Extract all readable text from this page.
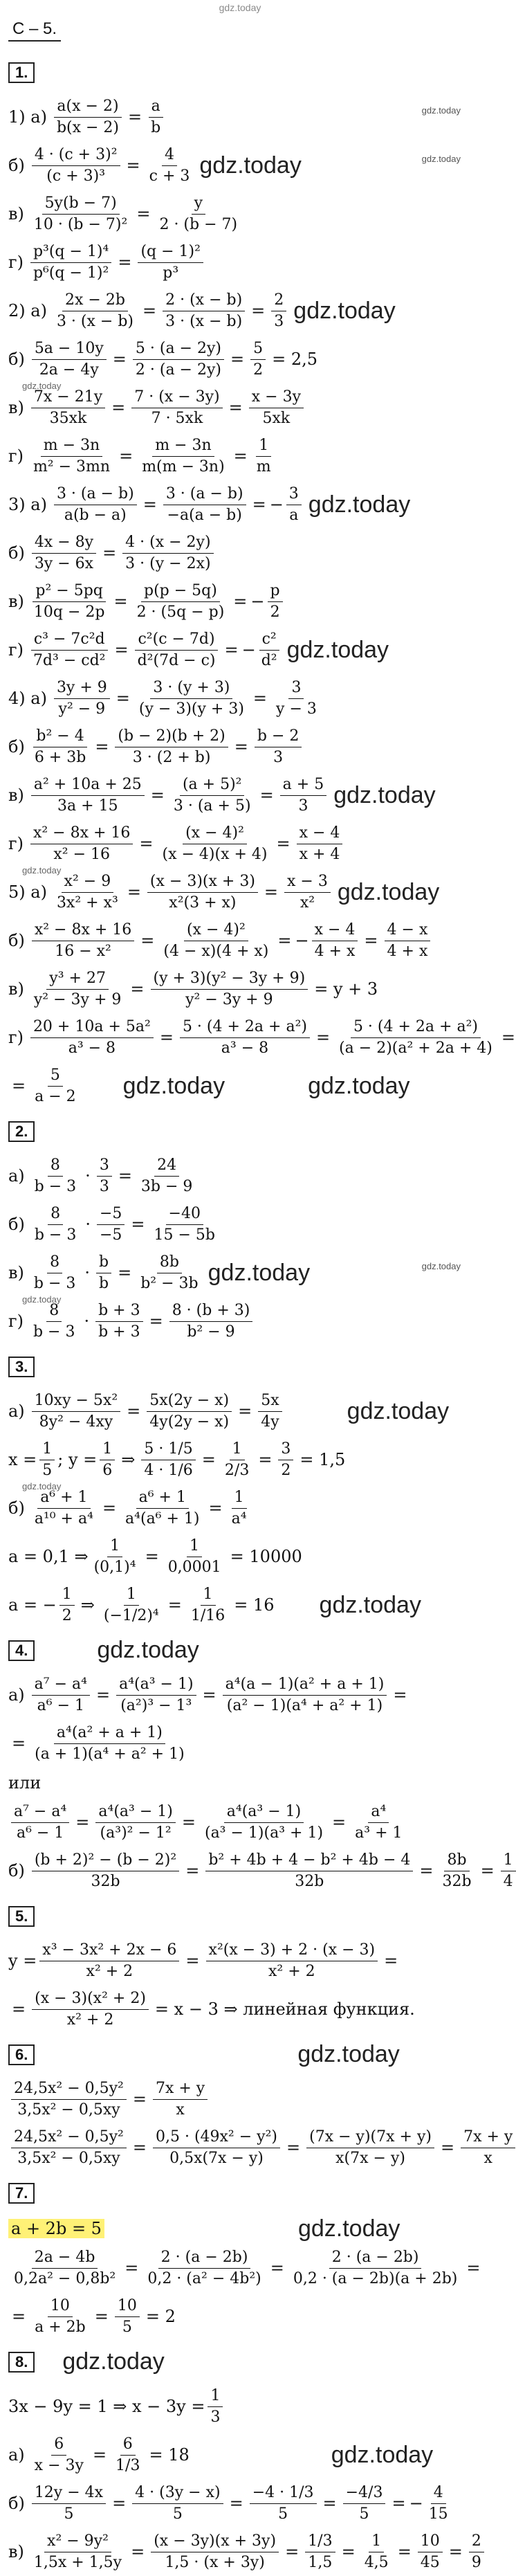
gdz.today
С – 5.
1.
1) $а) \frac{a(x - 2)}{b(x - 2)} = \frac{a}{b}$	gdz.today
$б) \frac{\text{4 · (c + 3)²}}{\text{(c + 3)³}} = \frac{4}{c + 3}$ gdz.today	gdz.today
$в) \frac{5y(b - 7)}{\text{10 · (b − 7)²}} = \frac{y}{2 \cdot (b - 7)}$
$г) \frac{\text{p³(q − 1)⁴}}{\text{p⁶(q − 1)²}} = \frac{\text{(q − 1)²}}{\text{p³}}$
2) $а) \frac{2x - 2b}{3 \cdot (x - b)} = \frac{2 \cdot (x - b)}{3 \cdot (x - b)} = \frac{2}{3}$ gdz.today
$б) \frac{5a - 10y}{2a - 4y} = \frac{5 \cdot (a - 2y)}{2 \cdot (a - 2y)} = \frac{5}{2} = 2,5$
gdz.today
$в) \frac{7x - 21y}{35xk} = \frac{7 \cdot (x - 3y)}{7 \cdot 5xk} = \frac{x - 3y}{5xk}$
$г) \frac{m - 3n}{\text{m² − 3mn}} = \frac{m - 3n}{m(m - 3n)} = \frac{1}{m}$
3) $а) \frac{3 \cdot (a - b)}{a(b - a)} = \frac{3 \cdot (a - b)}{-a(a - b)}$ = − $\frac{3}{a}$ gdz.today
$б) \frac{4x - 8y}{3y - 6x} = \frac{4 \cdot (x - 2y)}{3 \cdot (y - 2x)}$
$в) \frac{\text{p² − 5pq}}{10q - 2p} = \frac{p(p - 5q)}{2 \cdot (5q - p)}$ = − $\frac{p}{2}$
$г) \frac{\text{c³ − 7c²d}}{\text{7d³ − cd²}} = \frac{\text{c²(c − 7d)}}{\text{d²(7d − c)}}$ = − $\frac{\text{c²}}{\text{d²}}$ gdz.today
4) $а) \frac{3y + 9}{\text{y² − 9}} = \frac{3 \cdot (y + 3)}{(y - 3)(y + 3)} = \frac{3}{y - 3}$
$б) \frac{\text{b² − 4}}{6 + 3b} = \frac{(b - 2)(b + 2)}{3 \cdot (2 + b)} = \frac{b - 2}{3}$
$в) \frac{\text{a² + 10a + 25}}{3a + 15} = \frac{\text{(a + 5)²}}{3 \cdot (a + 5)} = \frac{a + 5}{3}$ gdz.today
$г) \frac{\text{x² − 8x + 16}}{\text{x² − 16}} = \frac{\text{(x − 4)²}}{(x - 4)(x + 4)} = \frac{x - 4}{x + 4}$
gdz.today
5) $а) \frac{\text{x² − 9}}{\text{3x² + x³}} = \frac{(x - 3)(x + 3)}{\text{x²(3 + x)}} = \frac{x - 3}{\text{x²}}$ gdz.today
$б) \frac{\text{x² − 8x + 16}}{\text{16 − x²}} = \frac{\text{(x − 4)²}}{(4 - x)(4 + x)}$ = − $\frac{x - 4}{4 + x} = \frac{4 - x}{4 + x}$
$в) \frac{\text{y³ + 27}}{\text{y² − 3y + 9}} = \frac{\text{(y + 3)(y² − 3y + 9)}}{\text{y² − 3y + 9}} = y + 3$
$г) \frac{\text{20 + 10a + 5a²}}{\text{a³ − 8}} = \frac{\text{5 · (4 + 2a + a²)}}{\text{a³ − 8}} = \frac{\text{5 · (4 + 2a + a²)}}{\text{(a − 2)(a² + 2a + 4)}}$ =
= $\frac{5}{a - 2}$ gdz.today	gdz.today
2.
$а) \frac{8}{b - 3} \cdot \frac{3}{3} = \frac{24}{3b - 9}$
$б) \frac{8}{b - 3} \cdot \frac{-5}{-5} = \frac{-40}{15 - 5b}$
$в) \frac{8}{b - 3} \cdot \frac{b}{b} = \frac{8b}{\text{b² − 3b}}$ gdz.today	gdz.today
gdz.today
$г) \frac{8}{b - 3} \cdot \frac{b + 3}{b + 3} = \frac{8 \cdot (b + 3)}{\text{b² − 9}}$
3.
$а) \frac{\text{10xy − 5x²}}{\text{8y² − 4xy}} = \frac{5x(2y - x)}{4y(2y - x)} = \frac{5x}{4y}$	gdz.today
$x = \frac{1}{5}$ ; $y = \frac{1}{6}$ ⇒ $\frac{5 \cdot 1/5}{4 \cdot 1/6} = \frac{1}{2/3} = \frac{3}{2} = 1,5$
gdz.today
$б) \frac{\text{a⁶ + 1}}{\text{a¹⁰ + a⁴}} = \frac{\text{a⁶ + 1}}{\text{a⁴(a⁶ + 1)}} = \frac{1}{\text{a⁴}}$
a = 0,1 ⇒ $\frac{1}{\text{(0,1)⁴}} = \frac{1}{0,0001} = 10000$
a = − $\frac{1}{2}$ ⇒ $\frac{1}{\text{(−1/2)⁴}} = \frac{1}{1/16} = 16$ gdz.today
4.	gdz.today
$а) \frac{\text{a⁷ − a⁴}}{\text{a⁶ − 1}} = \frac{\text{a⁴(a³ − 1)}}{\text{(a²)³ − 1³}} = \frac{\text{a⁴(a − 1)(a² + a + 1)}}{\text{(a² − 1)(a⁴ + a² + 1)}}$ =
= $\frac{\text{a⁴(a² + a + 1)}}{\text{(a + 1)(a⁴ + a² + 1)}}$
или
$\frac{\text{a⁷ − a⁴}}{\text{a⁶ − 1}} = \frac{\text{a⁴(a³ − 1)}}{\text{(a³)² − 1²}} = \frac{\text{a⁴(a³ − 1)}}{\text{(a³ − 1)(a³ + 1)}} = \frac{\text{a⁴}}{\text{a³ + 1}}$
$б) \frac{\text{(b + 2)² − (b − 2)²}}{32b} = \frac{\text{b² + 4b + 4 − b² + 4b − 4}}{32b} = \frac{8b}{32b} = \frac{1}{4}$
5.
$y = \frac{\text{x³ − 3x² + 2x − 6}}{\text{x² + 2}} = \frac{\text{x²(x − 3) + 2 · (x − 3)}}{\text{x² + 2}}$ =
= $\frac{\text{(x − 3)(x² + 2)}}{\text{x² + 2}} = x - 3$ ⇒ линейная функция.
6.	gdz.today
$\frac{\text{24,5x² − 0,5y²}}{\text{3,5x² − 0,5xy}} = \frac{7x + y}{x}$
$\frac{\text{24,5x² − 0,5y²}}{\text{3,5x² − 0,5xy}} = \frac{\text{0,5 · (49x² − y²)}}{0,5x(7x - y)} = \frac{(7x - y)(7x + y)}{x(7x - y)} = \frac{7x + y}{x}$
7.
a + 2b = 5	gdz.today
$\frac{2a - 4b}{\text{0,2a² − 0,8b²}} = \frac{2 \cdot (a - 2b)}{\text{0,2 · (a² − 4b²)}} = \frac{2 \cdot (a - 2b)}{0,2 \cdot (a - 2b)(a + 2b)}$ =
= $\frac{10}{a + 2b} = \frac{10}{5} = 2$
8. gdz.today
3x − 9y = 1 ⇒ $x - 3y = \frac{1}{3}$
$а) \frac{6}{x - 3y} = \frac{6}{1/3} = 18$	gdz.today
$б) \frac{12y - 4x}{5} = \frac{4 \cdot (3y - x)}{5} = \frac{-4 \cdot 1/3}{5} = \frac{-4/3}{5}$ = − $\frac{4}{15}$
$в) \frac{\text{x² − 9y²}}{1,5x + 1,5y} = \frac{(x - 3y)(x + 3y)}{1,5 \cdot (x + 3y)} = \frac{1/3}{1,5} = \frac{1}{4,5} = \frac{10}{45} = \frac{2}{9}$
